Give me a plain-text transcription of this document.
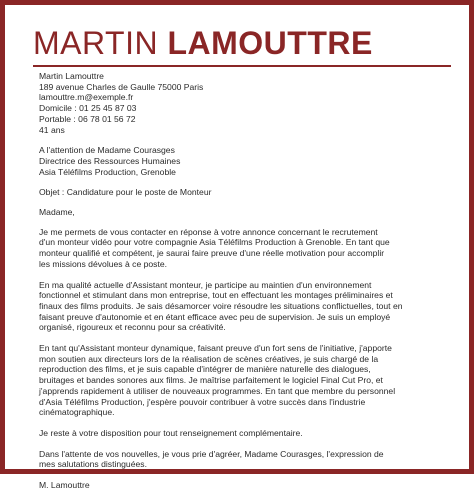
MARTIN LAMOUTTRE
Martin Lamouttre
189 avenue Charles de Gaulle 75000 Paris
lamouttre.m@exemple.fr
Domicile : 01 25 45 87 03
Portable : 06 78 01 56 72
41 ans
A l'attention de Madame Courasges
Directrice des Ressources Humaines
Asia Téléfilms Production, Grenoble
Objet : Candidature pour le poste de Monteur
Madame,
Je me permets de vous contacter en réponse à votre annonce concernant le recrutement
d'un monteur vidéo pour votre compagnie Asia Téléfilms Production à Grenoble. En tant que
monteur qualifié et compétent, je saurai faire preuve d'une réelle motivation pour accomplir
les missions dévolues à ce poste.
En ma qualité actuelle d'Assistant monteur, je participe au maintien d'un environnement
fonctionnel et stimulant dans mon entreprise, tout en effectuant les montages préliminaires et
finaux des films produits. Je sais désamorcer voire résoudre les situations conflictuelles, tout en
faisant preuve d'autonomie et en étant efficace avec peu de supervision. Je suis un employé
organisé, rigoureux et reconnu pour sa créativité.
En tant qu'Assistant monteur dynamique, faisant preuve d'un fort sens de l'initiative, j'apporte
mon soutien aux directeurs lors de la réalisation de scènes créatives, je suis chargé de la
reproduction des films, et je suis capable d'intégrer de manière naturelle des dialogues,
bruitages et bandes sonores aux films. Je maîtrise parfaitement le logiciel Final Cut Pro, et
j'apprends rapidement à utiliser de nouveaux programmes. En tant que membre du personnel
d'Asia Téléfilms Production, j'espère pouvoir contribuer à votre succès dans l'industrie
cinématographique.
Je reste à votre disposition pour tout renseignement complémentaire.
Dans l'attente de vos nouvelles, je vous prie d'agréer, Madame Courasges, l'expression de
mes salutations distinguées.
M. Lamouttre
